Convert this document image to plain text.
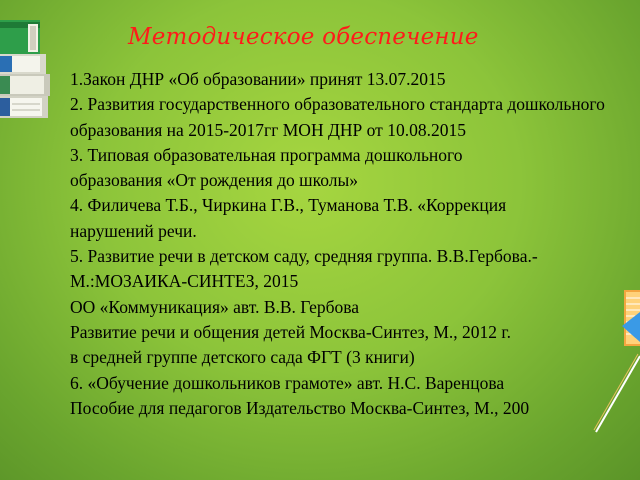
Методическое обеспечение
1.Закон ДНР «Об образовании» принят 13.07.2015
2. Развития государственного образовательного стандарта дошкольного
образования на 2015-2017гг МОН ДНР от 10.08.2015
3. Типовая образовательная программа дошкольного
образования «От рождения до школы»
4. Филичева Т.Б., Чиркина Г.В., Туманова Т.В. «Коррекция
нарушений речи.
5. Развитие речи в детском саду, средняя группа. В.В.Гербова.-
М.:МОЗАИКА-СИНТЕЗ, 2015
ОО «Коммуникация» авт. В.В. Гербова
Развитие речи и общения детей Москва-Синтез, М., 2012 г.
в средней группе детского сада ФГТ (3 книги)
6. «Обучение дошкольников грамоте» авт. Н.С. Варенцова
Пособие для педагогов Издательство Москва-Синтез, М., 200
